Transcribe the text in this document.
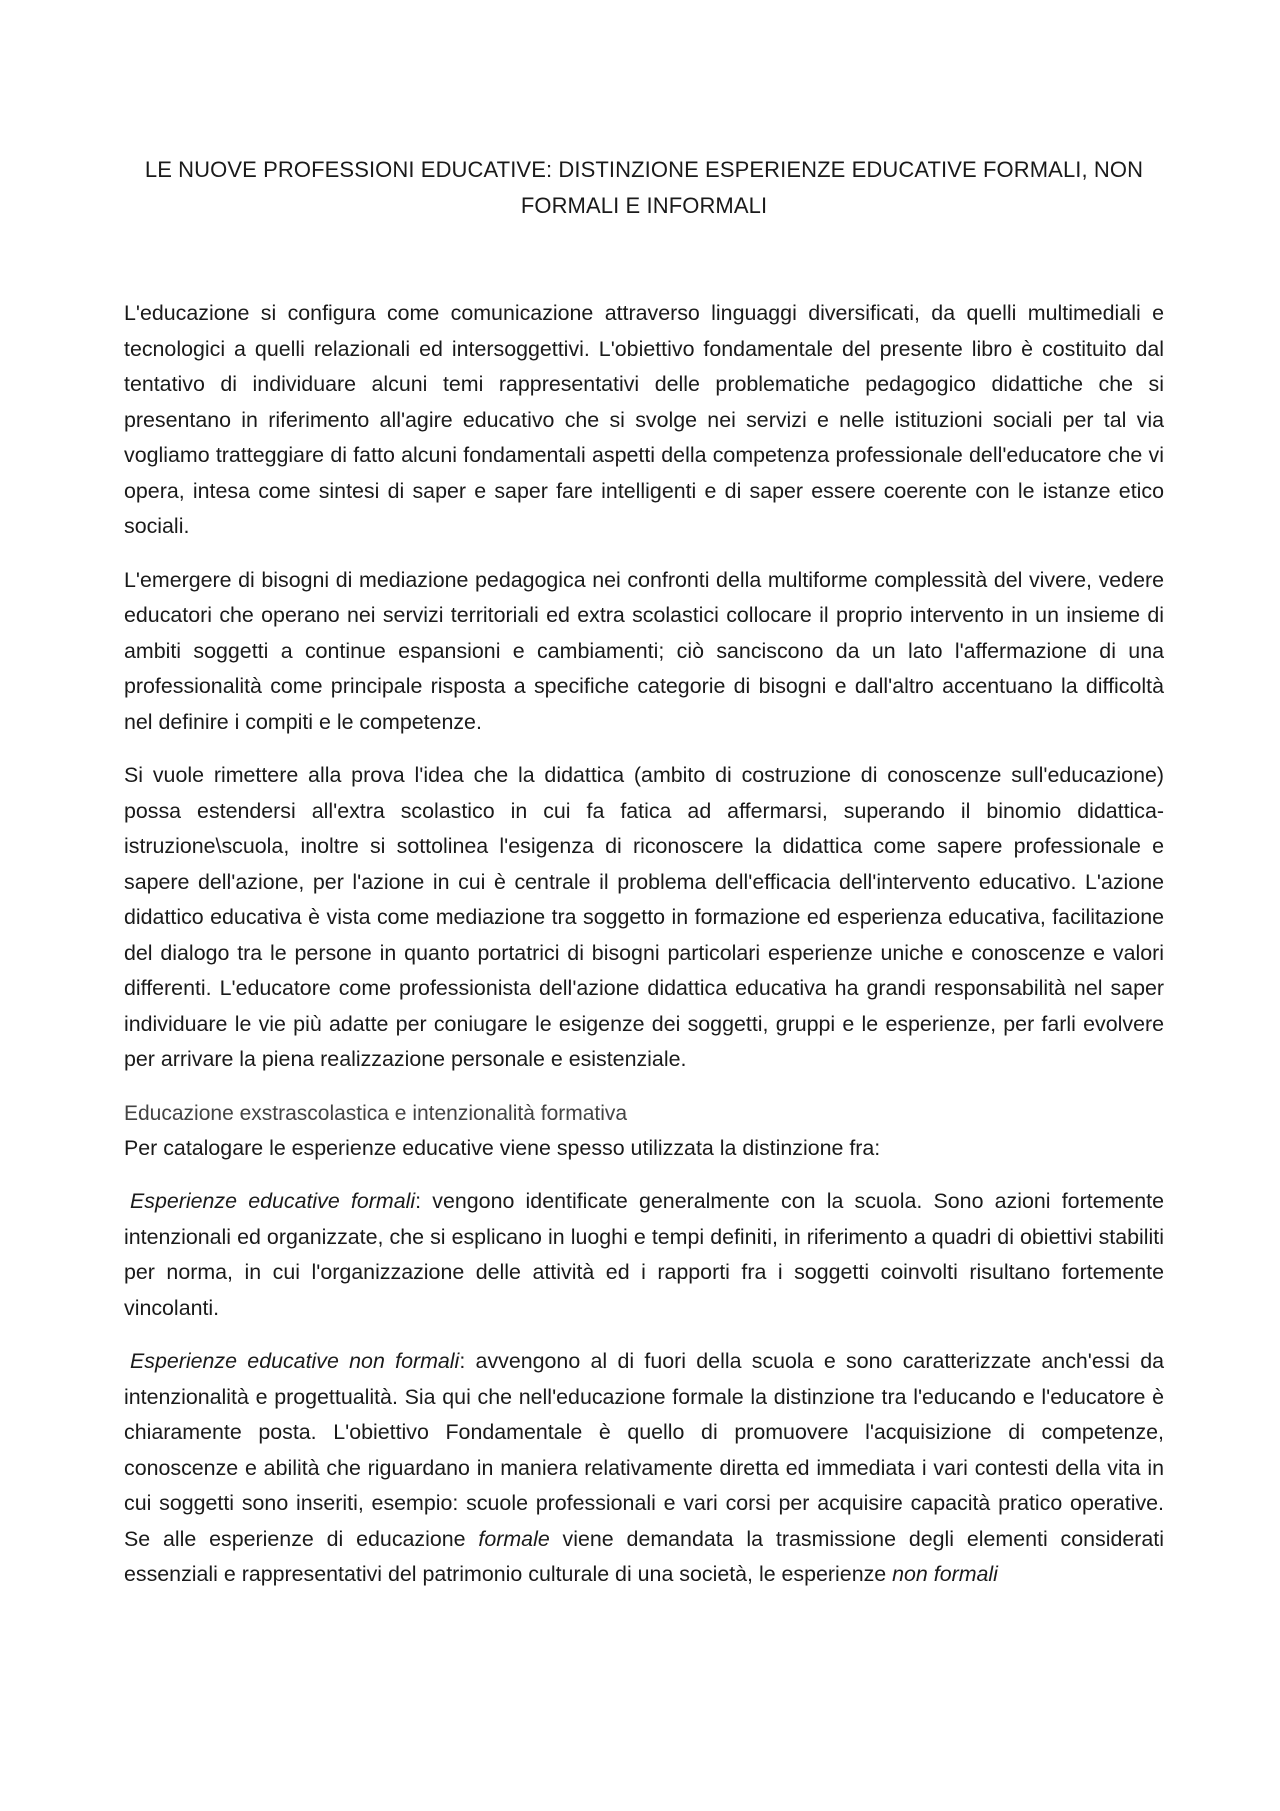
LE NUOVE PROFESSIONI EDUCATIVE: DISTINZIONE ESPERIENZE EDUCATIVE FORMALI, NON FORMALI E INFORMALI

L'educazione si configura come comunicazione attraverso linguaggi diversificati, da quelli multimediali e tecnologici a quelli relazionali ed intersoggettivi. L'obiettivo fondamentale del presente libro è costituito dal tentativo di individuare alcuni temi rappresentativi delle problematiche pedagogico didattiche che si presentano in riferimento all'agire educativo che si svolge nei servizi e nelle istituzioni sociali per tal via vogliamo tratteggiare di fatto alcuni fondamentali aspetti della competenza professionale dell'educatore che vi opera, intesa come sintesi di saper e saper fare intelligenti e di saper essere coerente con le istanze etico sociali.

L'emergere di bisogni di mediazione pedagogica nei confronti della multiforme complessità del vivere, vedere educatori che operano nei servizi territoriali ed extra scolastici collocare il proprio intervento in un insieme di ambiti soggetti a continue espansioni e cambiamenti; ciò sanciscono da un lato l'affermazione di una professionalità come principale risposta a specifiche categorie di bisogni e dall'altro accentuano la difficoltà nel definire i compiti e le competenze.

Si vuole rimettere alla prova l'idea che la didattica (ambito di costruzione di conoscenze sull'educazione) possa estendersi all'extra scolastico in cui fa fatica ad affermarsi, superando il binomio didattica- istruzione\scuola, inoltre si sottolinea l'esigenza di riconoscere la didattica come sapere professionale e sapere dell'azione, per l'azione in cui è centrale il problema dell'efficacia dell'intervento educativo. L'azione didattico educativa è vista come mediazione tra soggetto in formazione ed esperienza educativa, facilitazione del dialogo tra le persone in quanto portatrici di bisogni particolari esperienze uniche e conoscenze e valori differenti. L'educatore come professionista dell'azione didattica educativa ha grandi responsabilità nel saper individuare le vie più adatte per coniugare le esigenze dei soggetti, gruppi e le esperienze, per farli evolvere per arrivare la piena realizzazione personale e esistenziale.

Educazione exstrascolastica e intenzionalità formativa
Per catalogare le esperienze educative viene spesso utilizzata la distinzione fra:

Esperienze educative formali: vengono identificate generalmente con la scuola. Sono azioni fortemente intenzionali ed organizzate, che si esplicano in luoghi e tempi definiti, in riferimento a quadri di obiettivi stabiliti per norma, in cui l'organizzazione delle attività ed i rapporti fra i soggetti coinvolti risultano fortemente vincolanti.

Esperienze educative non formali: avvengono al di fuori della scuola e sono caratterizzate anch'essi da intenzionalità e progettualità. Sia qui che nell'educazione formale la distinzione tra l'educando e l'educatore è chiaramente posta. L'obiettivo Fondamentale è quello di promuovere l'acquisizione di competenze, conoscenze e abilità che riguardano in maniera relativamente diretta ed immediata i vari contesti della vita in cui soggetti sono inseriti, esempio: scuole professionali e vari corsi per acquisire capacità pratico operative. Se alle esperienze di educazione formale viene demandata la trasmissione degli elementi considerati essenziali e rappresentativi del patrimonio culturale di una società, le esperienze non formali
